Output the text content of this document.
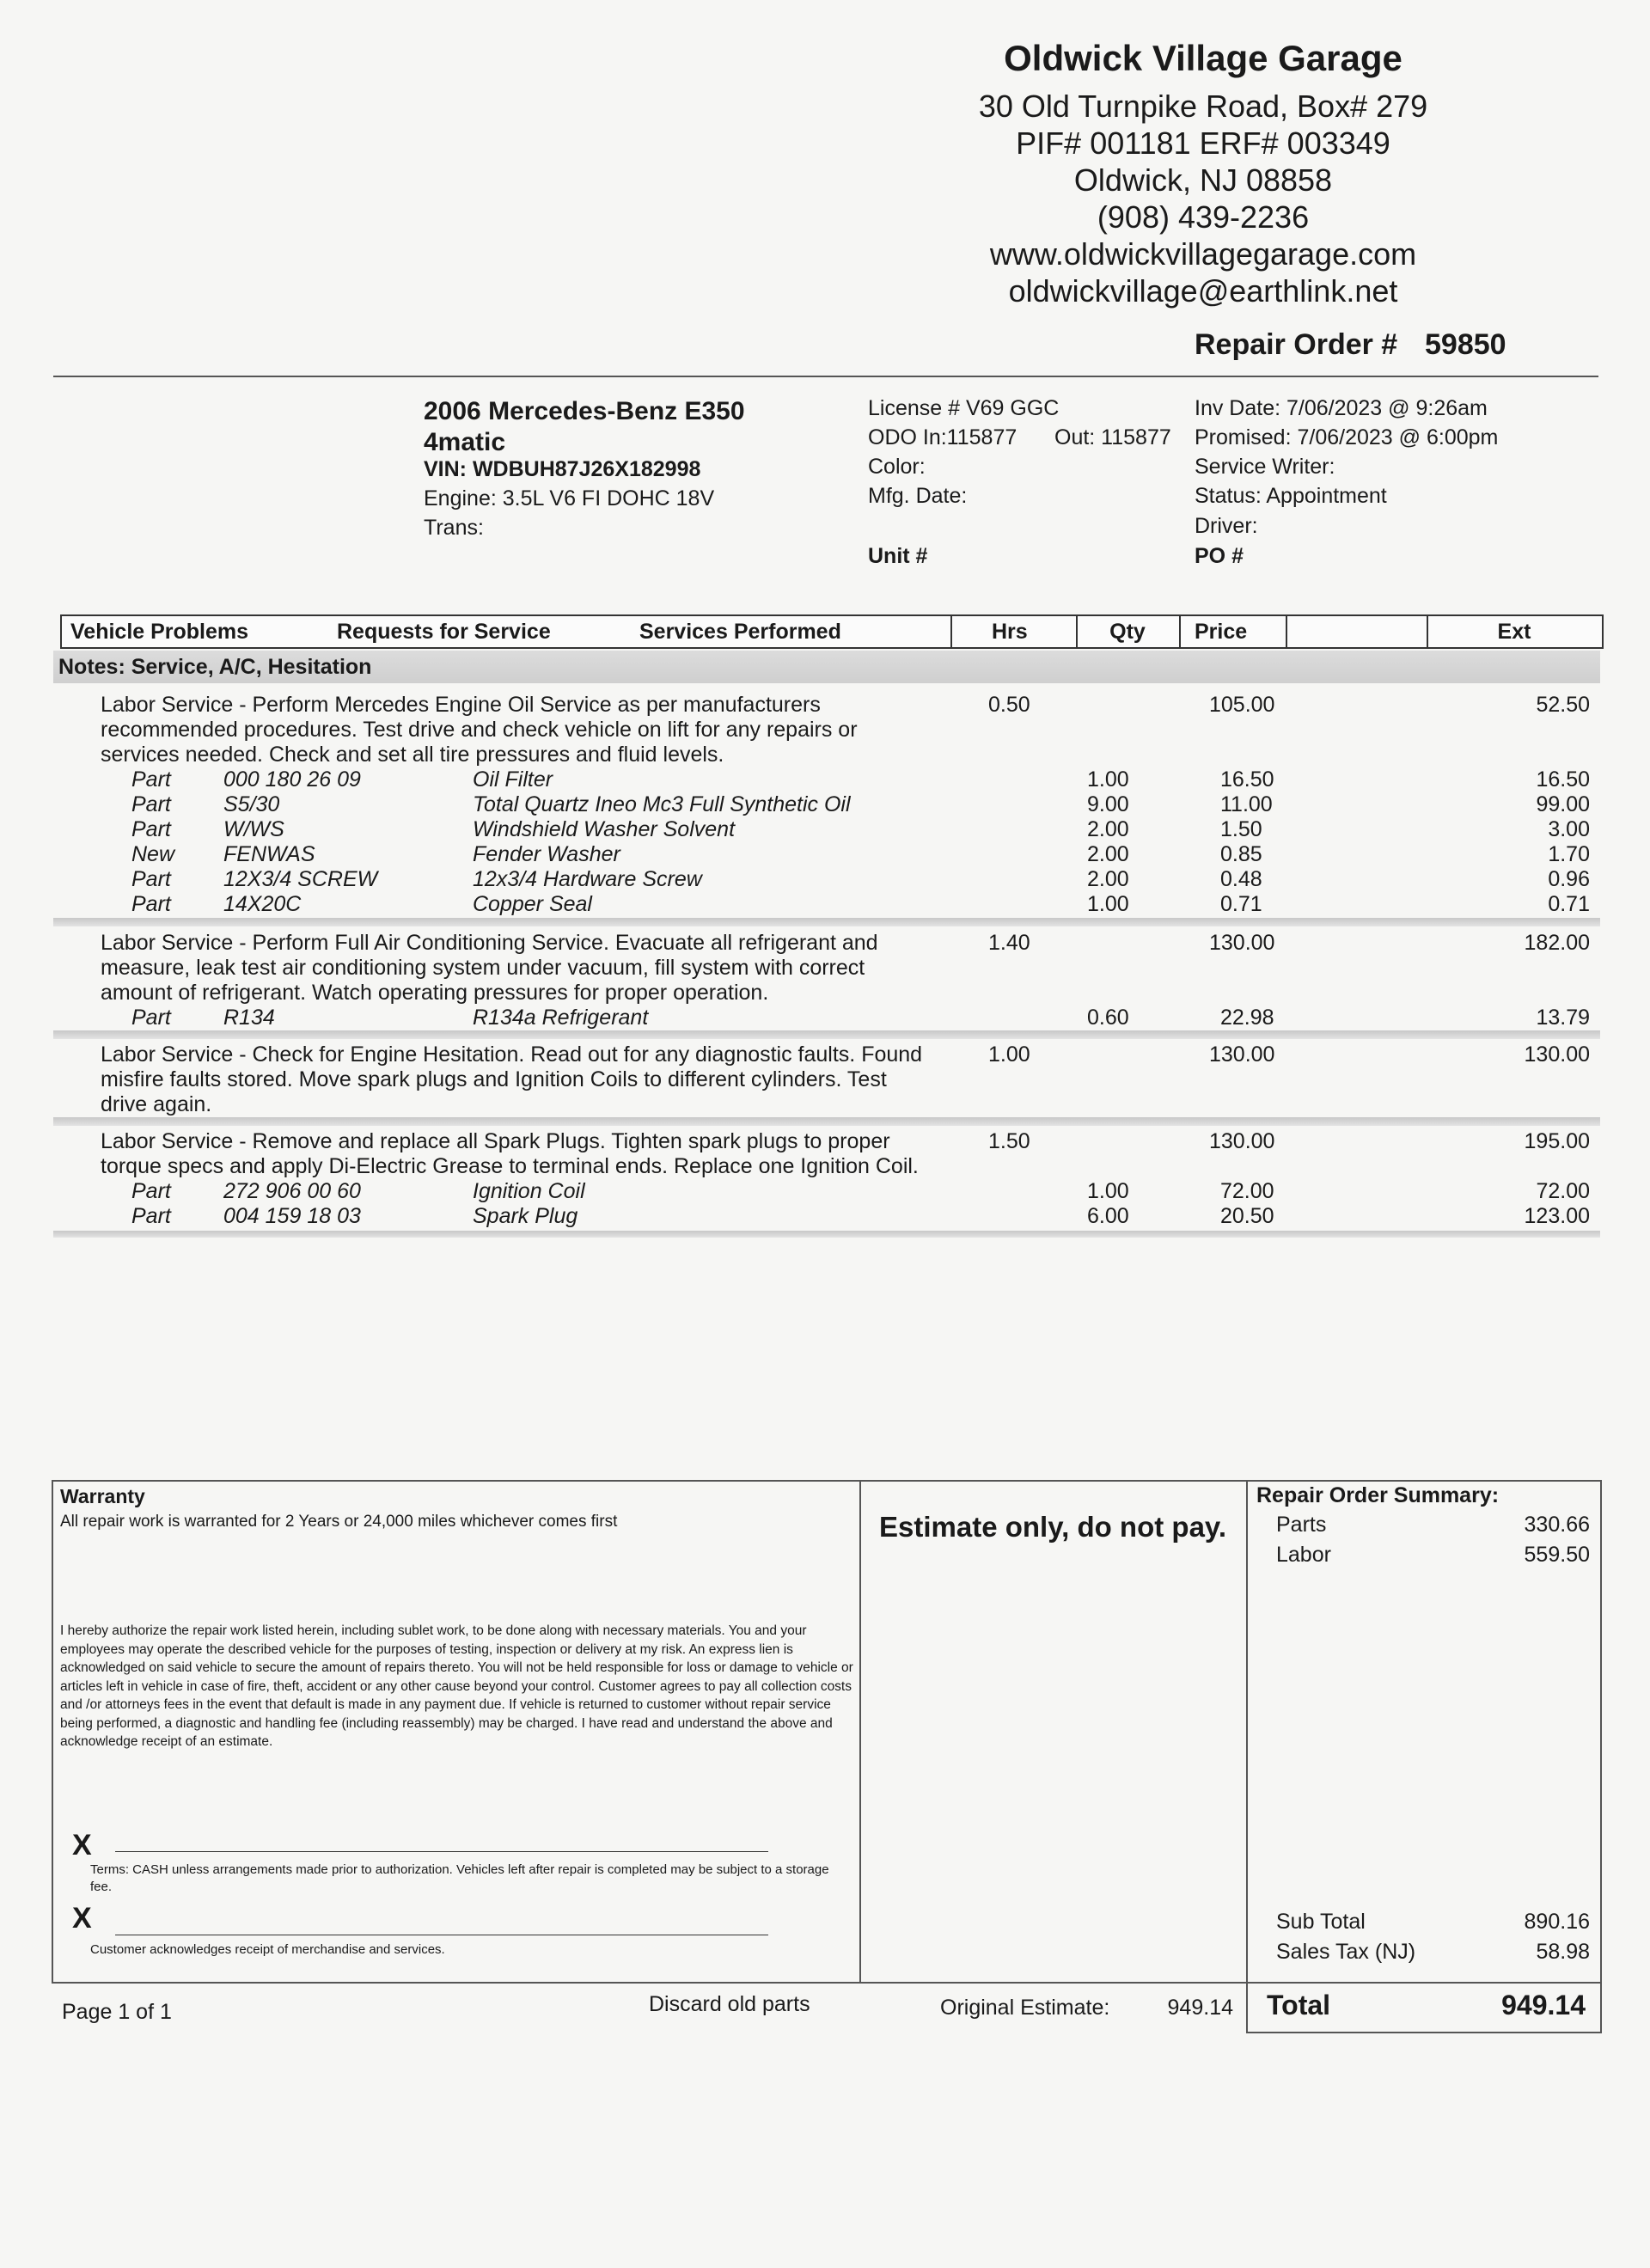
Oldwick Village Garage
30 Old Turnpike Road, Box# 279
PIF# 001181 ERF# 003349
Oldwick, NJ 08858
(908) 439-2236
www.oldwickvillagegarage.com
oldwickvillage@earthlink.net
Repair Order # 59850
2006 Mercedes-Benz E350
4matic
VIN: WDBUH87J26X182998
Engine: 3.5L V6 FI DOHC 18V
Trans:
License # V69 GGC
ODO In:115877 Out: 115877
Color:
Mfg. Date:
Unit #
Inv Date: 7/06/2023 @ 9:26am
Promised: 7/06/2023 @ 6:00pm
Service Writer:
Status: Appointment
Driver:
PO #
Vehicle Problems	Requests for Service	Services Performed	Hrs	Qty	Price	Ext
Notes: Service, A/C, Hesitation
Labor Service - Perform Mercedes Engine Oil Service as per manufacturers
recommended procedures. Test drive and check vehicle on lift for any repairs or
services needed. Check and set all tire pressures and fluid levels.
0.50	105.00	52.50
Part 000 180 26 09	Oil Filter	1.00	16.50	16.50
Part S5/30	Total Quartz Ineo Mc3 Full Synthetic Oil	9.00	11.00	99.00
Part W/WS	Windshield Washer Solvent	2.00	1.50	3.00
New FENWAS	Fender Washer	2.00	0.85	1.70
Part 12X3/4 SCREW	12x3/4 Hardware Screw	2.00	0.48	0.96
Part 14X20C	Copper Seal	1.00	0.71	0.71
Labor Service - Perform Full Air Conditioning Service. Evacuate all refrigerant and
measure, leak test air conditioning system under vacuum, fill system with correct
amount of refrigerant. Watch operating pressures for proper operation.
1.40	130.00	182.00
Part R134	R134a Refrigerant	0.60	22.98	13.79
Labor Service - Check for Engine Hesitation. Read out for any diagnostic faults. Found
misfire faults stored. Move spark plugs and Ignition Coils to different cylinders. Test
drive again.
1.00	130.00	130.00
Labor Service - Remove and replace all Spark Plugs. Tighten spark plugs to proper
torque specs and apply Di-Electric Grease to terminal ends. Replace one Ignition Coil.
1.50	130.00	195.00
Part 272 906 00 60	Ignition Coil	1.00	72.00	72.00
Part 004 159 18 03	Spark Plug	6.00	20.50	123.00
Warranty
All repair work is warranted for 2 Years or 24,000 miles whichever comes first
I hereby authorize the repair work listed herein, including sublet work, to be done along with necessary materials. You and your employees may operate the described vehicle for the purposes of testing, inspection or delivery at my risk. An express lien is acknowledged on said vehicle to secure the amount of repairs thereto. You will not be held responsible for loss or damage to vehicle or articles left in vehicle in case of fire, theft, accident or any other cause beyond your control. Customer agrees to pay all collection costs and /or attorneys fees in the event that default is made in any payment due. If vehicle is returned to customer without repair service being performed, a diagnostic and handling fee (including reassembly) may be charged. I have read and understand the above and acknowledge receipt of an estimate.
X
Terms: CASH unless arrangements made prior to authorization. Vehicles left after repair is completed may be subject to a storage fee.
X
Customer acknowledges receipt of merchandise and services.
Estimate only, do not pay.
Repair Order Summary:
Parts	330.66
Labor	559.50
Sub Total	890.16
Sales Tax (NJ)	58.98
Page 1 of 1	Discard old parts	Original Estimate:	949.14 Total	949.14
